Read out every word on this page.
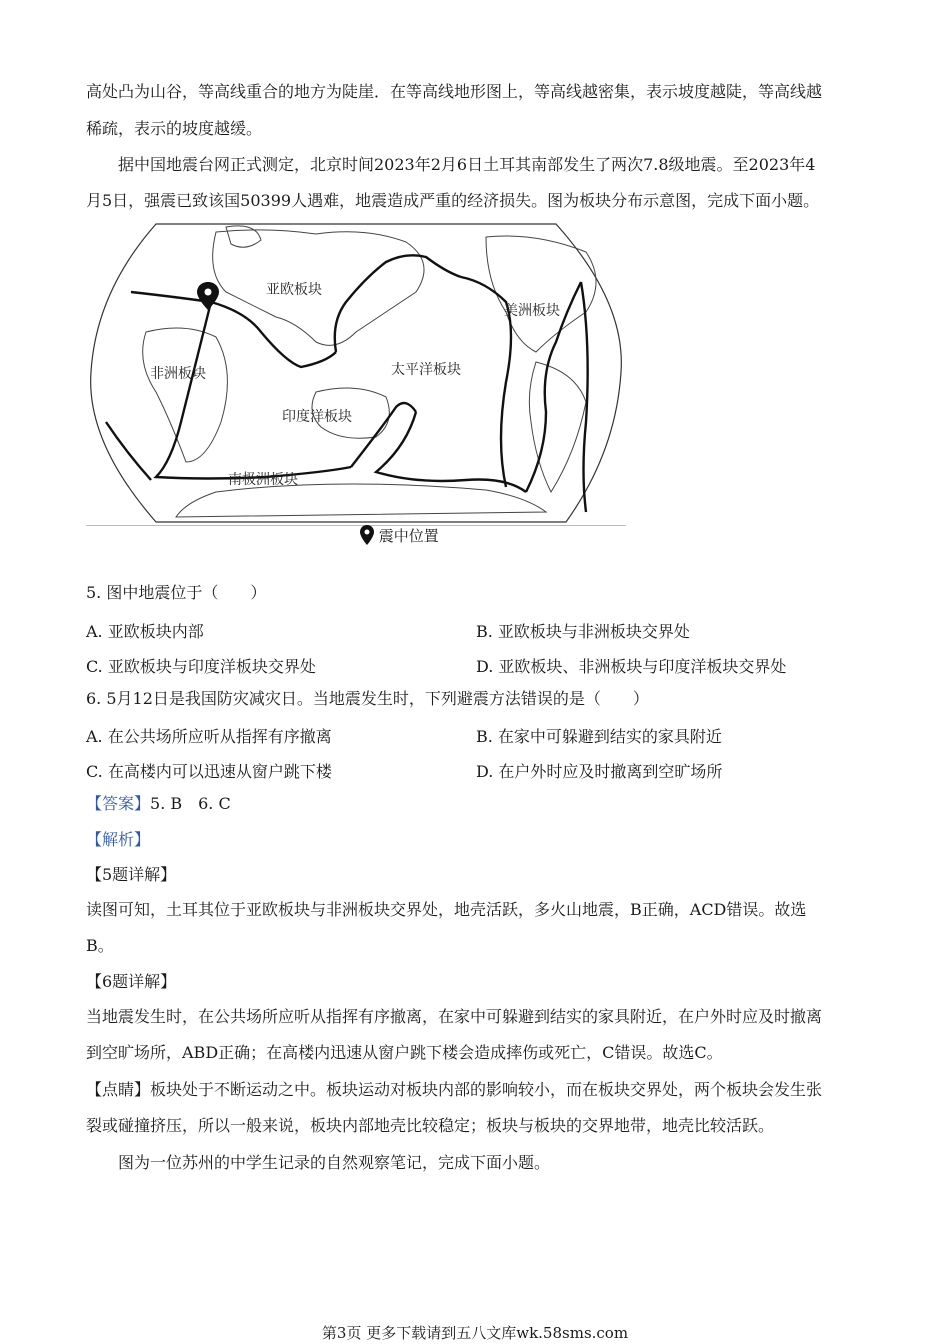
高处凸为山谷，等高线重合的地方为陡崖．在等高线地形图上，等高线越密集，表示坡度越陡，等高线越
稀疏，表示的坡度越缓。
据中国地震台网正式测定，北京时间2023年2月6日土耳其南部发生了两次7.8级地震。至2023年4
月5日，强震已致该国50399人遇难，地震造成严重的经济损失。图为板块分布示意图，完成下面小题。
亚欧板块
美洲板块
非洲板块	太平洋板块
印度洋板块
南极洲板块
震中位置
5. 图中地震位于（　　）
A. 亚欧板块内部	B. 亚欧板块与非洲板块交界处
C. 亚欧板块与印度洋板块交界处	D. 亚欧板块、非洲板块与印度洋板块交界处
6. 5月12日是我国防灾减灾日。当地震发生时，下列避震方法错误的是（　　）
A. 在公共场所应听从指挥有序撤离	B. 在家中可躲避到结实的家具附近
C. 在高楼内可以迅速从窗户跳下楼	D. 在户外时应及时撤离到空旷场所
【答案】5. B　6. C
【解析】
【5题详解】
读图可知，土耳其位于亚欧板块与非洲板块交界处，地壳活跃，多火山地震，B正确，ACD错误。故选
B。
【6题详解】
当地震发生时，在公共场所应听从指挥有序撤离，在家中可躲避到结实的家具附近，在户外时应及时撤离
到空旷场所，ABD正确；在高楼内迅速从窗户跳下楼会造成摔伤或死亡，C错误。故选C。
【点睛】板块处于不断运动之中。板块运动对板块内部的影响较小，而在板块交界处，两个板块会发生张
裂或碰撞挤压，所以一般来说，板块内部地壳比较稳定；板块与板块的交界地带，地壳比较活跃。
图为一位苏州的中学生记录的自然观察笔记，完成下面小题。
第3页 更多下载请到五八文库wk.58sms.com
